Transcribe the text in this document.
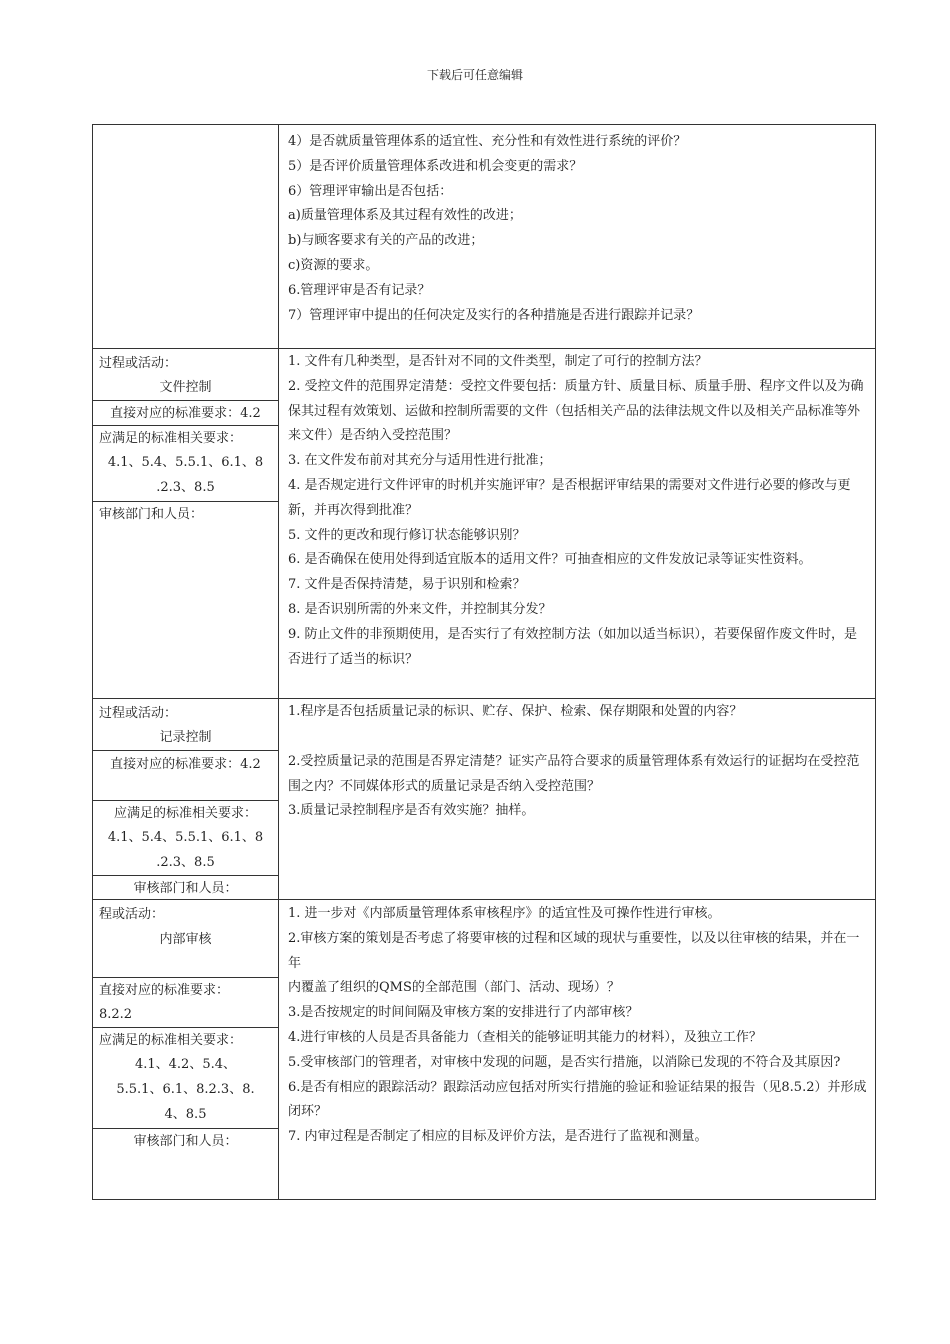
下载后可任意编辑
4）是否就质量管理体系的适宜性、充分性和有效性进行系统的评价？
5）是否评价质量管理体系改进和机会变更的需求？
6）管理评审输出是否包括：
a)质量管理体系及其过程有效性的改进；
b)与顾客要求有关的产品的改进；
c)资源的要求。
6.管理评审是否有记录？
7）管理评审中提出的任何决定及实行的各种措施是否进行跟踪并记录？
过程或活动：
文件控制
直接对应的标准要求：4.2
应满足的标准相关要求：
4.1、5.4、5.5.1、6.1、8
.2.3、8.5
审核部门和人员：
1. 文件有几种类型，是否针对不同的文件类型，制定了可行的控制方法？
2. 受控文件的范围界定清楚：受控文件要包括：质量方针、质量目标、质量手册、程序文件以及为确保其过程有效策划、运做和控制所需要的文件（包括相关产品的法律法规文件以及相关产品标准等外来文件）是否纳入受控范围？
3. 在文件发布前对其充分与适用性进行批准；
4. 是否规定进行文件评审的时机并实施评审？是否根据评审结果的需要对文件进行必要的修改与更新，并再次得到批准？
5. 文件的更改和现行修订状态能够识别？
6. 是否确保在使用处得到适宜版本的适用文件？可抽查相应的文件发放记录等证实性资料。
7. 文件是否保持清楚，易于识别和检索？
8. 是否识别所需的外来文件，并控制其分发？
9. 防止文件的非预期使用，是否实行了有效控制方法（如加以适当标识），若要保留作废文件时，是否进行了适当的标识？
过程或活动：
记录控制
直接对应的标准要求：4.2
应满足的标准相关要求：
4.1、5.4、5.5.1、6.1、8
.2.3、8.5
审核部门和人员：
1.程序是否包括质量记录的标识、贮存、保护、检索、保存期限和处置的内容？
2.受控质量记录的范围是否界定清楚？证实产品符合要求的质量管理体系有效运行的证据均在受控范围之内？不同媒体形式的质量记录是否纳入受控范围？
3.质量记录控制程序是否有效实施？抽样。
程或活动：
内部审核
直接对应的标准要求：
8.2.2
应满足的标准相关要求：
4.1、4.2、5.4、
5.5.1、6.1、8.2.3、8.
4、8.5
审核部门和人员：
1. 进一步对《内部质量管理体系审核程序》的适宜性及可操作性进行审核。
2.审核方案的策划是否考虑了将要审核的过程和区域的现状与重要性，以及以往审核的结果，并在一年
内覆盖了组织的QMS的全部范围（部门、活动、现场）？
3.是否按规定的时间间隔及审核方案的安排进行了内部审核？
4.进行审核的人员是否具备能力（查相关的能够证明其能力的材料），及独立工作？
5.受审核部门的管理者，对审核中发现的问题，是否实行措施，以消除已发现的不符合及其原因?
6.是否有相应的跟踪活动？跟踪活动应包括对所实行措施的验证和验证结果的报告（见8.5.2）并形成闭环？
7. 内审过程是否制定了相应的目标及评价方法，是否进行了监视和测量。
